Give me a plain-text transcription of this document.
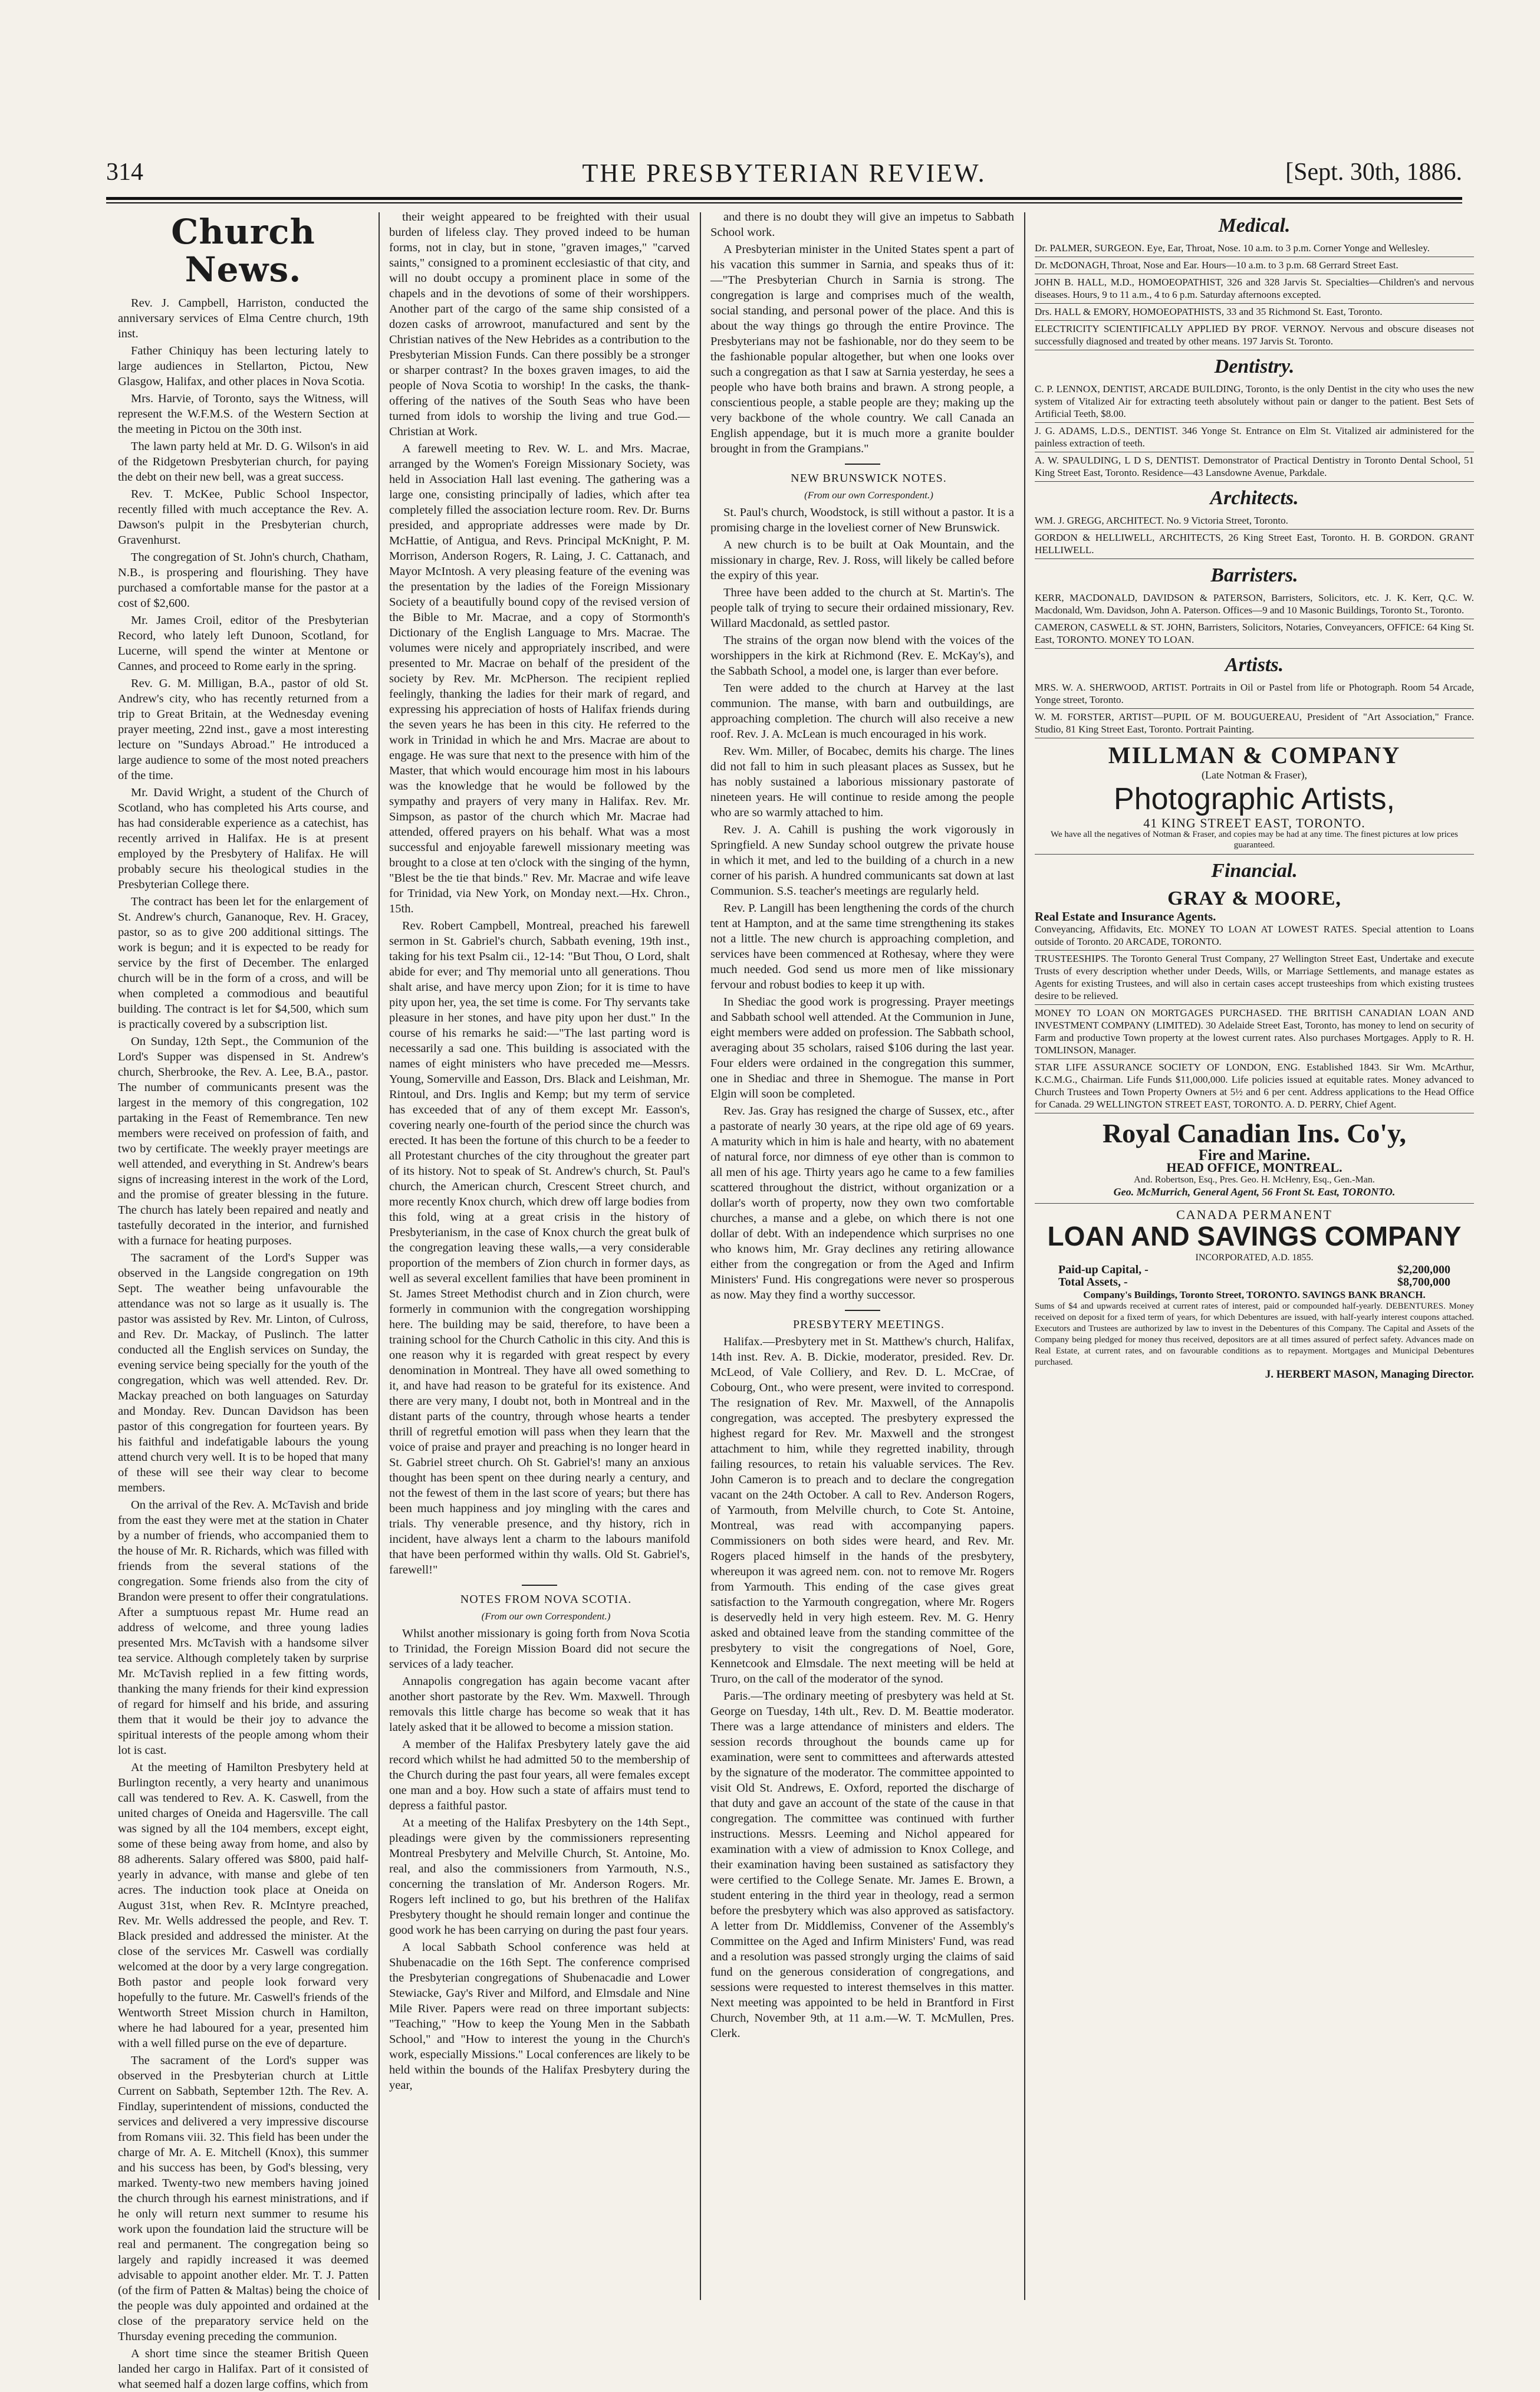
314	THE PRESBYTERIAN REVIEW.	[Sept. 30th, 1886.
Church News.

Rev. J. Campbell, Harriston, conducted the anniversary services of Elma Centre church, 19th inst.

Father Chiniquy has been lecturing lately to large audiences in Stellarton, Pictou, New Glasgow, Halifax, and other places in Nova Scotia.

Mrs. Harvie, of Toronto, says the Witness, will represent the W.F.M.S. of the Western Section at the meeting in Pictou on the 30th inst.

The lawn party held at Mr. D. G. Wilson's in aid of the Ridgetown Presbyterian church, for paying the debt on their new bell, was a great success.

Rev. T. McKee, Public School Inspector, recently filled with much acceptance the Rev. A. Dawson's pulpit in the Presbyterian church, Gravenhurst.

The congregation of St. John's church, Chatham, N.B., is prospering and flourishing. They have purchased a comfortable manse for the pastor at a cost of $2,600.

Mr. James Croil, editor of the Presbyterian Record, who lately left Dunoon, Scotland, for Lucerne, will spend the winter at Mentone or Cannes, and proceed to Rome early in the spring.

Rev. G. M. Milligan, B.A., pastor of old St. Andrew's city, who has recently returned from a trip to Great Britain, at the Wednesday evening prayer meeting, 22nd inst., gave a most interesting lecture on "Sundays Abroad." He introduced a large audience to some of the most noted preachers of the time.

Mr. David Wright, a student of the Church of Scotland, who has completed his Arts course, and has had considerable experience as a catechist, has recently arrived in Halifax. He is at present employed by the Presbytery of Halifax. He will probably secure his theological studies in the Presbyterian College there.

The contract has been let for the enlargement of St. Andrew's church, Gananoque, Rev. H. Gracey, pastor, so as to give 200 additional sittings. The work is begun; and it is expected to be ready for service by the first of December. The enlarged church will be in the form of a cross, and will be when completed a commodious and beautiful building. The contract is let for $4,500, which sum is practically covered by a subscription list.

On Sunday, 12th Sept., the Communion of the Lord's Supper was dispensed in St. Andrew's church, Sherbrooke, the Rev. A. Lee, B.A., pastor. The number of communicants present was the largest in the memory of this congregation, 102 partaking in the Feast of Remembrance. Ten new members were received on profession of faith, and two by certificate. The weekly prayer meetings are well attended, and everything in St. Andrew's bears signs of increasing interest in the work of the Lord, and the promise of greater blessing in the future. The church has lately been repaired and neatly and tastefully decorated in the interior, and furnished with a furnace for heating purposes.

The sacrament of the Lord's Supper was observed in the Langside congregation on 19th Sept. The weather being unfavourable the attendance was not so large as it usually is. The pastor was assisted by Rev. Mr. Linton, of Culross, and Rev. Dr. Mackay, of Puslinch. The latter conducted all the English services on Sunday, the evening service being specially for the youth of the congregation, which was well attended. Rev. Dr. Mackay preached on both languages on Saturday and Monday. Rev. Duncan Davidson has been pastor of this congregation for fourteen years. By his faithful and indefatigable labours the young attend church very well. It is to be hoped that many of these will see their way clear to become members.

On the arrival of the Rev. A. McTavish and bride from the east they were met at the station in Chater by a number of friends, who accompanied them to the house of Mr. R. Richards, which was filled with friends from the several stations of the congregation. Some friends also from the city of Brandon were present to offer their congratulations. After a sumptuous repast Mr. Hume read an address of welcome, and three young ladies presented Mrs. McTavish with a handsome silver tea service. Although completely taken by surprise Mr. McTavish replied in a few fitting words, thanking the many friends for their kind expression of regard for himself and his bride, and assuring them that it would be their joy to advance the spiritual interests of the people among whom their lot is cast.

At the meeting of Hamilton Presbytery held at Burlington recently, a very hearty and unanimous call was tendered to Rev. A. K. Caswell, from the united charges of Oneida and Hagersville. The call was signed by all the 104 members, except eight, some of these being away from home, and also by 88 adherents. Salary offered was $800, paid half-yearly in advance, with manse and glebe of ten acres. The induction took place at Oneida on August 31st, when Rev. R. McIntyre preached, Rev. Mr. Wells addressed the people, and Rev. T. Black presided and addressed the minister. At the close of the services Mr. Caswell was cordially welcomed at the door by a very large congregation. Both pastor and people look forward very hopefully to the future. Mr. Caswell's friends of the Wentworth Street Mission church in Hamilton, where he had laboured for a year, presented him with a well filled purse on the eve of departure.

The sacrament of the Lord's supper was observed in the Presbyterian church at Little Current on Sabbath, September 12th. The Rev. A. Findlay, superintendent of missions, conducted the services and delivered a very impressive discourse from Romans viii. 32. This field has been under the charge of Mr. A. E. Mitchell (Knox), this summer and his success has been, by God's blessing, very marked. Twenty-two new members having joined the church through his earnest ministrations, and if he only will return next summer to resume his work upon the foundation laid the structure will be real and permanent. The congregation being so largely and rapidly increased it was deemed advisable to appoint another elder. Mr. T. J. Patten (of the firm of Patten & Maltas) being the choice of the people was duly appointed and ordained at the close of the preparatory service held on the Thursday evening preceding the communion.

A short time since the steamer British Queen landed her cargo in Halifax. Part of it consisted of what seemed half a dozen large coffins, which from

their weight appeared to be freighted with their usual burden of lifeless clay. They proved indeed to be human forms, not in clay, but in stone, "graven images," "carved saints," consigned to a prominent ecclesiastic of that city, and will no doubt occupy a prominent place in some of the chapels and in the devotions of some of their worshippers. Another part of the cargo of the same ship consisted of a dozen casks of arrowroot, manufactured and sent by the Christian natives of the New Hebrides as a contribution to the Presbyterian Mission Funds. Can there possibly be a stronger or sharper contrast? In the boxes graven images, to aid the people of Nova Scotia to worship! In the casks, the thank-offering of the natives of the South Seas who have been turned from idols to worship the living and true God.—Christian at Work.

A farewell meeting to Rev. W. L. and Mrs. Macrae, arranged by the Women's Foreign Missionary Society, was held in Association Hall last evening. The gathering was a large one, consisting principally of ladies, which after tea completely filled the association lecture room. Rev. Dr. Burns presided, and appropriate addresses were made by Dr. McHattie, of Antigua, and Revs. Principal McKnight, P. M. Morrison, Anderson Rogers, R. Laing, J. C. Cattanach, and Mayor McIntosh. A very pleasing feature of the evening was the presentation by the ladies of the Foreign Missionary Society of a beautifully bound copy of the revised version of the Bible to Mr. Macrae, and a copy of Stormonth's Dictionary of the English Language to Mrs. Macrae. The volumes were nicely and appropriately inscribed, and were presented to Mr. Macrae on behalf of the president of the society by Rev. Mr. McPherson. The recipient replied feelingly, thanking the ladies for their mark of regard, and expressing his appreciation of hosts of Halifax friends during the seven years he has been in this city. He referred to the work in Trinidad in which he and Mrs. Macrae are about to engage. He was sure that next to the presence with him of the Master, that which would encourage him most in his labours was the knowledge that he would be followed by the sympathy and prayers of very many in Halifax. Rev. Mr. Simpson, as pastor of the church which Mr. Macrae had attended, offered prayers on his behalf. What was a most successful and enjoyable farewell missionary meeting was brought to a close at ten o'clock with the singing of the hymn, "Blest be the tie that binds." Rev. Mr. Macrae and wife leave for Trinidad, via New York, on Monday next.—Hx. Chron., 15th.

Rev. Robert Campbell, Montreal, preached his farewell sermon in St. Gabriel's church, Sabbath evening, 19th inst., taking for his text Psalm cii., 12-14: "But Thou, O Lord, shalt abide for ever; and Thy memorial unto all generations. Thou shalt arise, and have mercy upon Zion; for it is time to have pity upon her, yea, the set time is come. For Thy servants take pleasure in her stones, and have pity upon her dust." In the course of his remarks he said:—"The last parting word is necessarily a sad one. This building is associated with the names of eight ministers who have preceded me—Messrs. Young, Somerville and Easson, Drs. Black and Leishman, Mr. Rintoul, and Drs. Inglis and Kemp; but my term of service has exceeded that of any of them except Mr. Easson's, covering nearly one-fourth of the period since the church was erected. It has been the fortune of this church to be a feeder to all Protestant churches of the city throughout the greater part of its history. Not to speak of St. Andrew's church, St. Paul's church, the American church, Crescent Street church, and more recently Knox church, which drew off large bodies from this fold, wing at a great crisis in the history of Presbyterianism, in the case of Knox church the great bulk of the congregation leaving these walls,—a very considerable proportion of the members of Zion church in former days, as well as several excellent families that have been prominent in St. James Street Methodist church and in Zion church, were formerly in communion with the congregation worshipping here. The building may be said, therefore, to have been a training school for the Church Catholic in this city. And this is one reason why it is regarded with great respect by every denomination in Montreal. They have all owed something to it, and have had reason to be grateful for its existence. And there are very many, I doubt not, both in Montreal and in the distant parts of the country, through whose hearts a tender thrill of regretful emotion will pass when they learn that the voice of praise and prayer and preaching is no longer heard in St. Gabriel street church. Oh St. Gabriel's! many an anxious thought has been spent on thee during nearly a century, and not the fewest of them in the last score of years; but there has been much happiness and joy mingling with the cares and trials. Thy venerable presence, and thy history, rich in incident, have always lent a charm to the labours manifold that have been performed within thy walls. Old St. Gabriel's, farewell!"

NOTES FROM NOVA SCOTIA.

(From our own Correspondent.)

Whilst another missionary is going forth from Nova Scotia to Trinidad, the Foreign Mission Board did not secure the services of a lady teacher.

Annapolis congregation has again become vacant after another short pastorate by the Rev. Wm. Maxwell. Through removals this little charge has become so weak that it has lately asked that it be allowed to become a mission station.

A member of the Halifax Presbytery lately gave the aid record which whilst he had admitted 50 to the membership of the Church during the past four years, all were females except one man and a boy. How such a state of affairs must tend to depress a faithful pastor.

At a meeting of the Halifax Presbytery on the 14th Sept., pleadings were given by the commissioners representing Montreal Presbytery and Melville Church, St. Antoine, Mo. real, and also the commissioners from Yarmouth, N.S., concerning the translation of Mr. Anderson Rogers. Mr. Rogers left inclined to go, but his brethren of the Halifax Presbytery thought he should remain longer and continue the good work he has been carrying on during the past four years.

A local Sabbath School conference was held at Shubenacadie on the 16th Sept. The conference comprised the Presbyterian congregations of Shubenacadie and Lower Stewiacke, Gay's River and Milford, and Elmsdale and Nine Mile River. Papers were read on three important subjects: "Teaching," "How to keep the Young Men in the Sabbath School," and "How to interest the young in the Church's work, especially Missions." Local conferences are likely to be held within the bounds of the Halifax Presbytery during the year,

and there is no doubt they will give an impetus to Sabbath School work.

A Presbyterian minister in the United States spent a part of his vacation this summer in Sarnia, and speaks thus of it:—"The Presbyterian Church in Sarnia is strong. The congregation is large and comprises much of the wealth, social standing, and personal power of the place. And this is about the way things go through the entire Province. The Presbyterians may not be fashionable, nor do they seem to be the fashionable popular altogether, but when one looks over such a congregation as that I saw at Sarnia yesterday, he sees a people who have both brains and brawn. A strong people, a conscientious people, a stable people are they; making up the very backbone of the whole country. We call Canada an English appendage, but it is much more a granite boulder brought in from the Grampians."

NEW BRUNSWICK NOTES.

(From our own Correspondent.)

St. Paul's church, Woodstock, is still without a pastor. It is a promising charge in the loveliest corner of New Brunswick.

A new church is to be built at Oak Mountain, and the missionary in charge, Rev. J. Ross, will likely be called before the expiry of this year.

Three have been added to the church at St. Martin's. The people talk of trying to secure their ordained missionary, Rev. Willard Macdonald, as settled pastor.

The strains of the organ now blend with the voices of the worshippers in the kirk at Richmond (Rev. E. McKay's), and the Sabbath School, a model one, is larger than ever before.

Ten were added to the church at Harvey at the last communion. The manse, with barn and outbuildings, are approaching completion. The church will also receive a new roof. Rev. J. A. McLean is much encouraged in his work.

Rev. Wm. Miller, of Bocabec, demits his charge. The lines did not fall to him in such pleasant places as Sussex, but he has nobly sustained a laborious missionary pastorate of nineteen years. He will continue to reside among the people who are so warmly attached to him.

Rev. J. A. Cahill is pushing the work vigorously in Springfield. A new Sunday school outgrew the private house in which it met, and led to the building of a church in a new corner of his parish. A hundred communicants sat down at last Communion. S.S. teacher's meetings are regularly held.

Rev. P. Langill has been lengthening the cords of the church tent at Hampton, and at the same time strengthening its stakes not a little. The new church is approaching completion, and services have been commenced at Rothesay, where they were much needed. God send us more men of like missionary fervour and robust bodies to keep it up with.

In Shediac the good work is progressing. Prayer meetings and Sabbath school well attended. At the Communion in June, eight members were added on profession. The Sabbath school, averaging about 35 scholars, raised $106 during the last year. Four elders were ordained in the congregation this summer, one in Shediac and three in Shemogue. The manse in Port Elgin will soon be completed.

Rev. Jas. Gray has resigned the charge of Sussex, etc., after a pastorate of nearly 30 years, at the ripe old age of 69 years. A maturity which in him is hale and hearty, with no abatement of natural force, nor dimness of eye other than is common to all men of his age. Thirty years ago he came to a few families scattered throughout the district, without organization or a dollar's worth of property, now they own two comfortable churches, a manse and a glebe, on which there is not one dollar of debt. With an independence which surprises no one who knows him, Mr. Gray declines any retiring allowance either from the congregation or from the Aged and Infirm Ministers' Fund. His congregations were never so prosperous as now. May they find a worthy successor.

PRESBYTERY MEETINGS.

Halifax.—Presbytery met in St. Matthew's church, Halifax, 14th inst. Rev. A. B. Dickie, moderator, presided. Rev. Dr. McLeod, of Vale Colliery, and Rev. D. L. McCrae, of Cobourg, Ont., who were present, were invited to correspond. The resignation of Rev. Mr. Maxwell, of the Annapolis congregation, was accepted. The presbytery expressed the highest regard for Rev. Mr. Maxwell and the strongest attachment to him, while they regretted inability, through failing resources, to retain his valuable services. The Rev. John Cameron is to preach and to declare the congregation vacant on the 24th October. A call to Rev. Anderson Rogers, of Yarmouth, from Melville church, to Cote St. Antoine, Montreal, was read with accompanying papers. Commissioners on both sides were heard, and Rev. Mr. Rogers placed himself in the hands of the presbytery, whereupon it was agreed nem. con. not to remove Mr. Rogers from Yarmouth. This ending of the case gives great satisfaction to the Yarmouth congregation, where Mr. Rogers is deservedly held in very high esteem. Rev. M. G. Henry asked and obtained leave from the standing committee of the presbytery to visit the congregations of Noel, Gore, Kennetcook and Elmsdale. The next meeting will be held at Truro, on the call of the moderator of the synod.

Paris.—The ordinary meeting of presbytery was held at St. George on Tuesday, 14th ult., Rev. D. M. Beattie moderator. There was a large attendance of ministers and elders. The session records throughout the bounds came up for examination, were sent to committees and afterwards attested by the signature of the moderator. The committee appointed to visit Old St. Andrews, E. Oxford, reported the discharge of that duty and gave an account of the state of the cause in that congregation. The committee was continued with further instructions. Messrs. Leeming and Nichol appeared for examination with a view of admission to Knox College, and their examination having been sustained as satisfactory they were certified to the College Senate. Mr. James E. Brown, a student entering in the third year in theology, read a sermon before the presbytery which was also approved as satisfactory. A letter from Dr. Middlemiss, Convener of the Assembly's Committee on the Aged and Infirm Ministers' Fund, was read and a resolution was passed strongly urging the claims of said fund on the generous consideration of congregations, and sessions were requested to interest themselves in this matter. Next meeting was appointed to be held in Brantford in First Church, November 9th, at 11 a.m.—W. T. McMullen, Pres. Clerk.

Medical.
Dr. PALMER, SURGEON. Eye, Ear, Throat, Nose. 10 a.m. to 3 p.m. Corner Yonge and Wellesley.
Dr. McDONAGH, Throat, Nose and Ear. Hours—10 a.m. to 3 p.m. 68 Gerrard Street East.
JOHN B. HALL, M.D., HOMOEOPATHIST, 326 and 328 Jarvis St. Specialties—Children's and nervous diseases. Hours, 9 to 11 a.m., 4 to 6 p.m. Saturday afternoons excepted.
Drs. HALL & EMORY, HOMOEOPATHISTS, 33 and 35 Richmond St. East, Toronto.
ELECTRICITY SCIENTIFICALLY APPLIED BY PROF. VERNOY. Nervous and obscure diseases not successfully diagnosed and treated by other means. 197 Jarvis St. Toronto.
Dentistry.
C. P. LENNOX, DENTIST, ARCADE BUILDING, Toronto, is the only Dentist in the city who uses the new system of Vitalized Air for extracting teeth absolutely without pain or danger to the patient. Best Sets of Artificial Teeth, $8.00.
J. G. ADAMS, L.D.S., DENTIST. 346 Yonge St. Entrance on Elm St. Vitalized air administered for the painless extraction of teeth.
A. W. SPAULDING, L D S, DENTIST. Demonstrator of Practical Dentistry in Toronto Dental School, 51 King Street East, Toronto. Residence—43 Lansdowne Avenue, Parkdale.
Architects.
WM. J. GREGG, ARCHITECT. No. 9 Victoria Street, Toronto.
GORDON & HELLIWELL, ARCHITECTS, 26 King Street East, Toronto. H. B. GORDON. GRANT HELLIWELL.
Barristers.
KERR, MACDONALD, DAVIDSON & PATERSON, Barristers, Solicitors, etc. J. K. Kerr, Q.C. W. Macdonald, Wm. Davidson, John A. Paterson. Offices—9 and 10 Masonic Buildings, Toronto St., Toronto.
CAMERON, CASWELL & ST. JOHN, Barristers, Solicitors, Notaries, Conveyancers, OFFICE: 64 King St. East, TORONTO. MONEY TO LOAN.
Artists.
MRS. W. A. SHERWOOD, ARTIST. Portraits in Oil or Pastel from life or Photograph. Room 54 Arcade, Yonge street, Toronto.
W. M. FORSTER, ARTIST—PUPIL OF M. BOUGUEREAU, President of "Art Association," France. Studio, 81 King Street East, Toronto. Portrait Painting.
MILLMAN & COMPANY
(Late Notman & Fraser),
Photographic Artists,
41 KING STREET EAST, TORONTO.
We have all the negatives of Notman & Fraser, and copies may be had at any time. The finest pictures at low prices guaranteed.
Financial.
GRAY & MOORE,
Real Estate and Insurance Agents.
Conveyancing, Affidavits, Etc. MONEY TO LOAN AT LOWEST RATES. Special attention to Loans outside of Toronto. 20 ARCADE, TORONTO.
TRUSTEESHIPS. The Toronto General Trust Company, 27 Wellington Street East, Undertake and execute Trusts of every description whether under Deeds, Wills, or Marriage Settlements, and manage estates as Agents for existing Trustees, and will also in certain cases accept trusteeships from which existing trustees desire to be relieved.
MONEY TO LOAN ON MORTGAGES PURCHASED. THE BRITISH CANADIAN LOAN AND INVESTMENT COMPANY (LIMITED). 30 Adelaide Street East, Toronto, has money to lend on security of Farm and productive Town property at the lowest current rates. Also purchases Mortgages. Apply to R. H. TOMLINSON, Manager.
STAR LIFE ASSURANCE SOCIETY OF LONDON, ENG. Established 1843. Sir Wm. McArthur, K.C.M.G., Chairman. Life Funds $11,000,000. Life policies issued at equitable rates. Money advanced to Church Trustees and Town Property Owners at 5½ and 6 per cent. Address applications to the Head Office for Canada. 29 WELLINGTON STREET EAST, TORONTO. A. D. PERRY, Chief Agent.
Royal Canadian Ins. Co'y,
Fire and Marine.
HEAD OFFICE, MONTREAL.
And. Robertson, Esq., Pres. Geo. H. McHenry, Esq., Gen.-Man.
Geo. McMurrich, General Agent, 56 Front St. East, TORONTO.
CANADA PERMANENT
LOAN AND SAVINGS COMPANY
INCORPORATED, A.D. 1855.
Paid-up Capital, -	$2,200,000
Total Assets, -	$8,700,000
Company's Buildings, Toronto Street, TORONTO. SAVINGS BANK BRANCH.
Sums of $4 and upwards received at current rates of interest, paid or compounded half-yearly. DEBENTURES. Money received on deposit for a fixed term of years, for which Debentures are issued, with half-yearly interest coupons attached. Executors and Trustees are authorized by law to invest in the Debentures of this Company. The Capital and Assets of the Company being pledged for money thus received, depositors are at all times assured of perfect safety. Advances made on Real Estate, at current rates, and on favourable conditions as to repayment. Mortgages and Municipal Debentures purchased.
J. HERBERT MASON, Managing Director.
